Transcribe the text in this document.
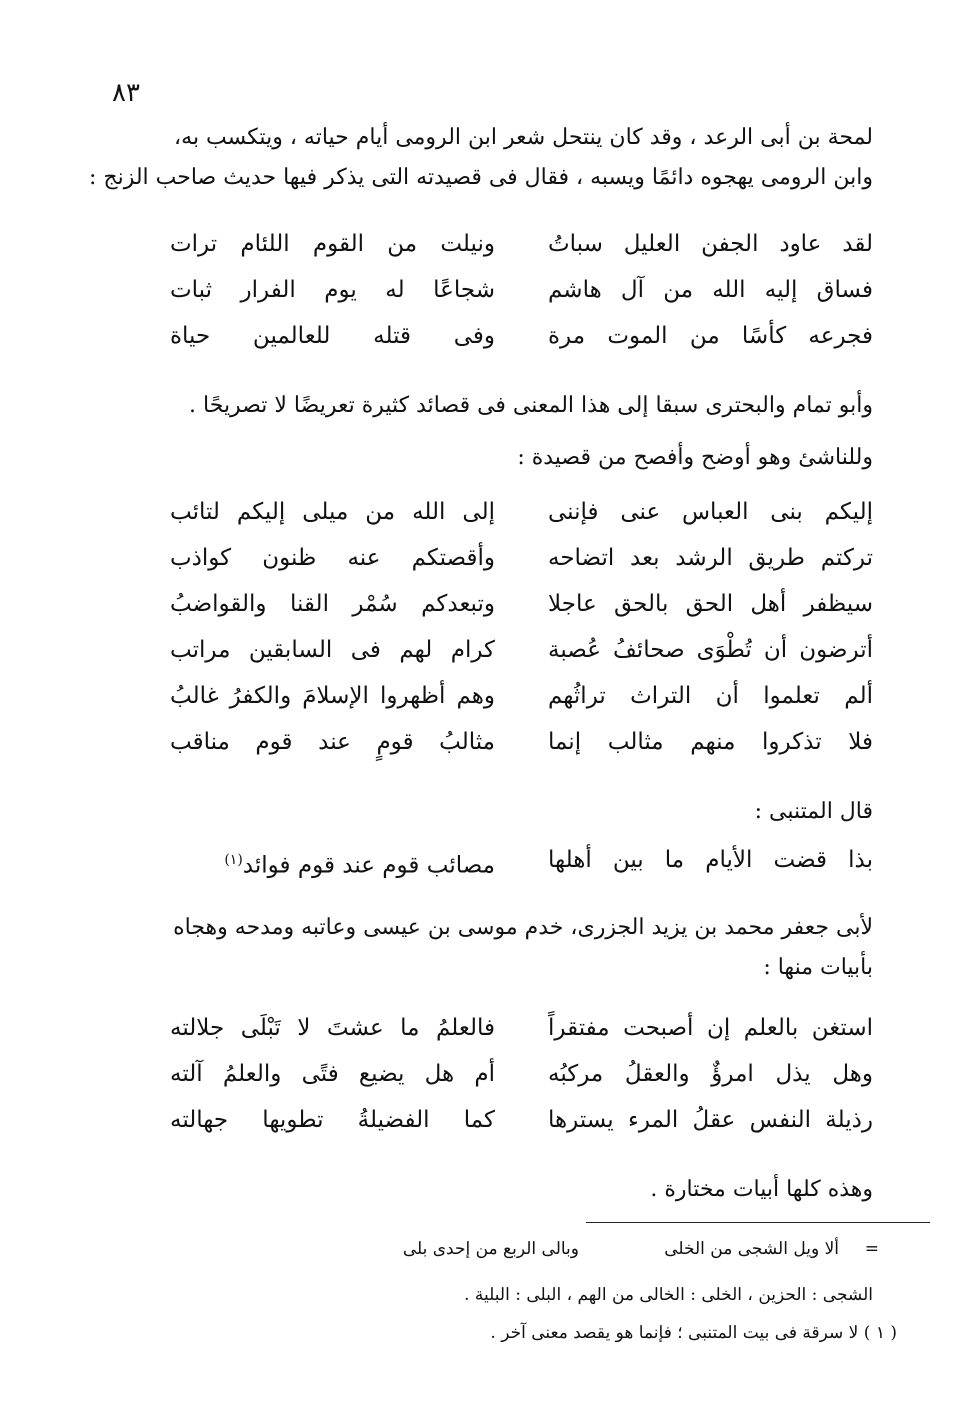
٨٣
لمحة بن أبى الرعد ، وقد كان ينتحل شعر ابن الرومى أيام حياته ، ويتكسب به،
وابن الرومى يهجوه دائمًا ويسبه ، فقال فى قصيدته التى يذكر فيها حديث صاحب الزنج :
لقد عاود الجفن العليل سباتُ
ونيلت من القوم اللئام ترات
فساق إليه الله من آل هاشم
شجاعًا له يوم الفرار ثبات
فجرعه كأسًا من الموت مرة
وفى قتله للعالمين حياة
وأبو تمام والبحترى سبقا إلى هذا المعنى فى قصائد كثيرة تعريضًا لا تصريحًا .
وللناشئ وهو أوضح وأفصح من قصيدة :
إليكم بنى العباس عنى فإننى
إلى الله من ميلى إليكم لتائب
تركتم طريق الرشد بعد اتضاحه
وأقصتكم عنه ظنون كواذب
سيظفر أهل الحق بالحق عاجلا
وتبعدكم سُمْر القنا والقواضبُ
أترضون أن تُطْوَى صحائفُ عُصبة
كرام لهم فى السابقين مراتب
ألم تعلموا أن التراث تراثُهم
وهم أظهروا الإسلامَ والكفرُ غالبُ
فلا تذكروا منهم مثالب إنما
مثالبُ قومٍ عند قوم مناقب
قال المتنبى :
بذا قضت الأيام ما بين أهلها
مصائب قوم عند قوم فوائد$^{(١)}$
لأبى جعفر محمد بن يزيد الجزرى، خدم موسى بن عيسى وعاتبه ومدحه وهجاه
بأبيات منها :
استغن بالعلم إن أصبحت مفتقراً
فالعلمُ ما عشتَ لا تَبْلَى جلالته
وهل يذل امرؤٌ والعقلُ مركبُه
أم هل يضيع فتًى والعلمُ آلته
رذيلة النفس عقلُ المرء يسترها
كما الفضيلةُ تطويها جهالته
وهذه كلها أبيات مختارة .
=
ألا ويل الشجى من الخلى
وبالى الربع من إحدى بلى
الشجى : الحزين ، الخلى : الخالى من الهم ، البلى : البلية .
( ١ ) لا سرقة فى بيت المتنبى ؛ فإنما هو يقصد معنى آخر .
